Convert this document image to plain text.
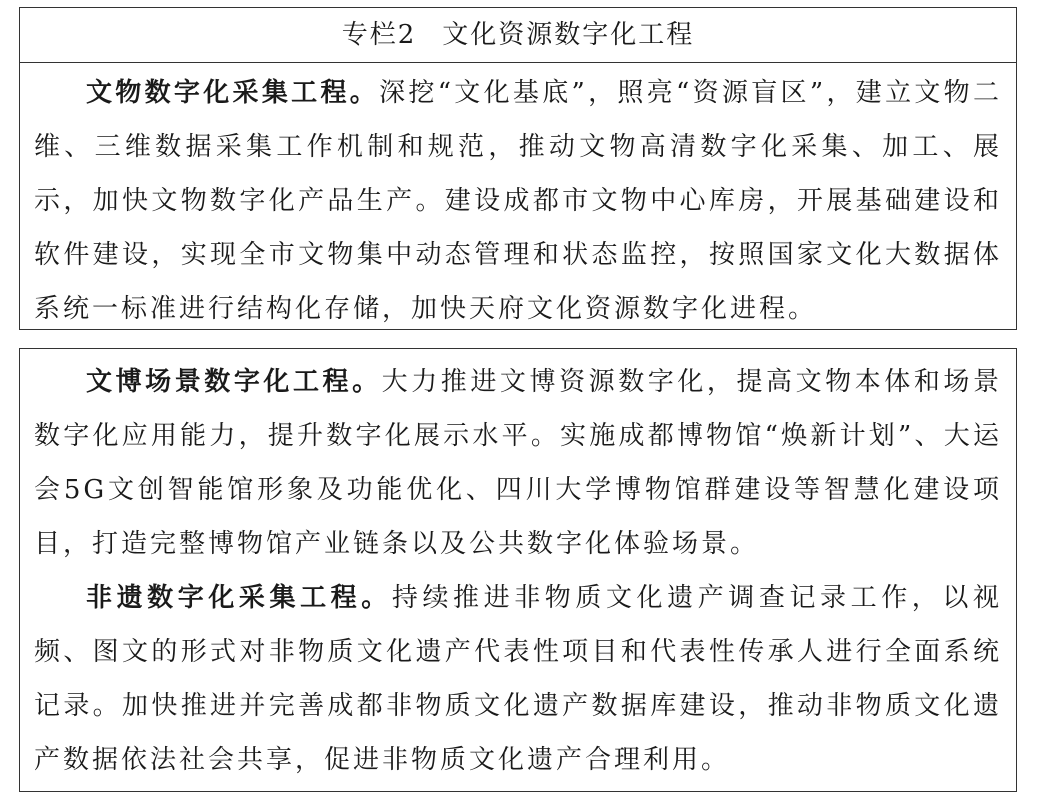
专栏2 文化资源数字化工程

文物数字化采集工程。深挖“文化基底”，照亮“资源盲区”，建立文物二维、三维数据采集工作机制和规范，推动文物高清数字化采集、加工、展示，加快文物数字化产品生产。建设成都市文物中心库房，开展基础建设和软件建设，实现全市文物集中动态管理和状态监控，按照国家文化大数据体系统一标准进行结构化存储，加快天府文化资源数字化进程。

文博场景数字化工程。大力推进文博资源数字化，提高文物本体和场景数字化应用能力，提升数字化展示水平。实施成都博物馆“焕新计划”、大运会5G文创智能馆形象及功能优化、四川大学博物馆群建设等智慧化建设项目，打造完整博物馆产业链条以及公共数字化体验场景。

非遗数字化采集工程。持续推进非物质文化遗产调查记录工作，以视频、图文的形式对非物质文化遗产代表性项目和代表性传承人进行全面系统记录。加快推进并完善成都非物质文化遗产数据库建设，推动非物质文化遗产数据依法社会共享，促进非物质文化遗产合理利用。
